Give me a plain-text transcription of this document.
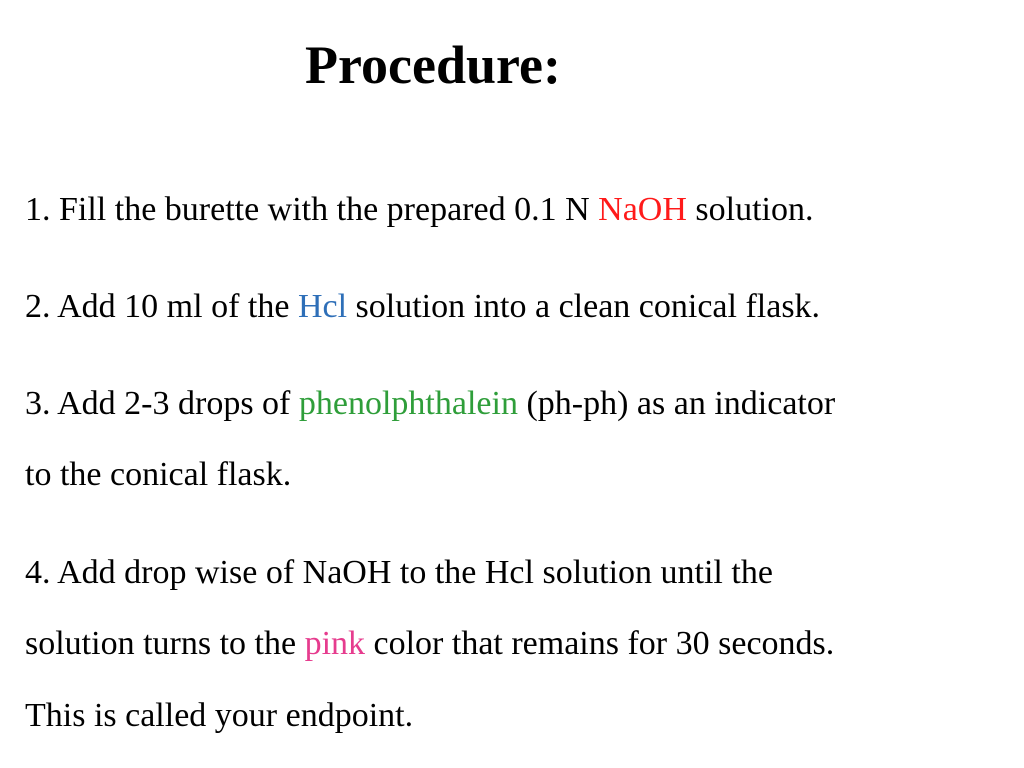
Procedure:
1. Fill the burette with the prepared 0.1 N NaOH solution.
2. Add 10 ml of the Hcl solution into a clean conical flask.
3. Add 2-3 drops of phenolphthalein (ph-ph) as an indicator
to the conical flask.
4. Add drop wise of NaOH to the Hcl solution until the
solution turns to the pink color that remains for 30 seconds.
This is called your endpoint.
